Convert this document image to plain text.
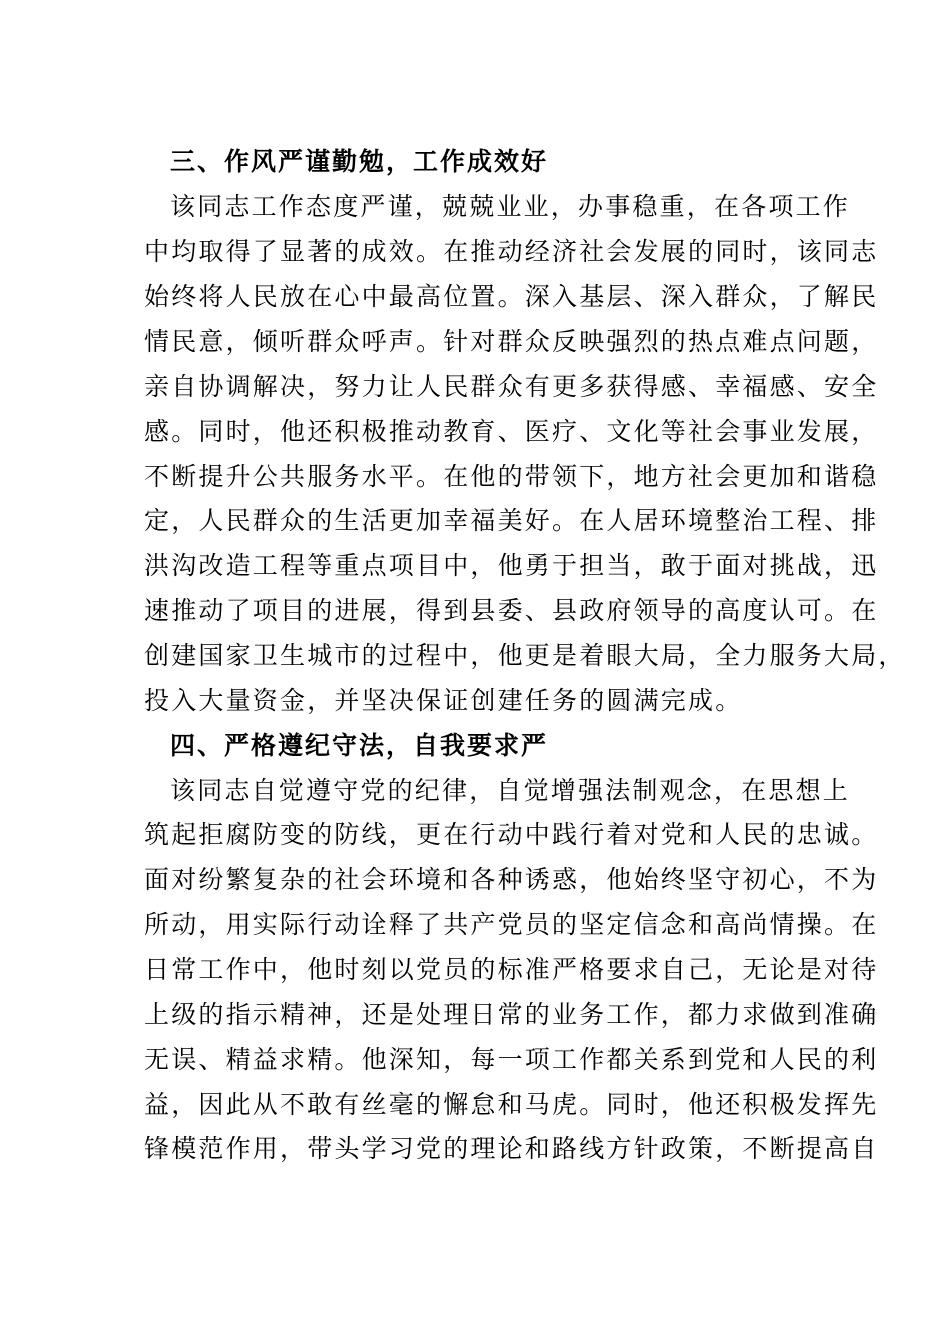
三、作风严谨勤勉，工作成效好
该同志工作态度严谨，兢兢业业，办事稳重，在各项工作
中均取得了显著的成效。在推动经济社会发展的同时，该同志
始终将人民放在心中最高位置。深入基层、深入群众，了解民
情民意，倾听群众呼声。针对群众反映强烈的热点难点问题，
亲自协调解决，努力让人民群众有更多获得感、幸福感、安全
感。同时，他还积极推动教育、医疗、文化等社会事业发展，
不断提升公共服务水平。在他的带领下，地方社会更加和谐稳
定，人民群众的生活更加幸福美好。在人居环境整治工程、排
洪沟改造工程等重点项目中，他勇于担当，敢于面对挑战，迅
速推动了项目的进展，得到县委、县政府领导的高度认可。在
创建国家卫生城市的过程中，他更是着眼大局，全力服务大局，
投入大量资金，并坚决保证创建任务的圆满完成。
四、严格遵纪守法，自我要求严
该同志自觉遵守党的纪律，自觉增强法制观念，在思想上
筑起拒腐防变的防线，更在行动中践行着对党和人民的忠诚。
面对纷繁复杂的社会环境和各种诱惑，他始终坚守初心，不为
所动，用实际行动诠释了共产党员的坚定信念和高尚情操。在
日常工作中，他时刻以党员的标准严格要求自己，无论是对待
上级的指示精神，还是处理日常的业务工作，都力求做到准确
无误、精益求精。他深知，每一项工作都关系到党和人民的利
益，因此从不敢有丝毫的懈怠和马虎。同时，他还积极发挥先
锋模范作用，带头学习党的理论和路线方针政策，不断提高自
